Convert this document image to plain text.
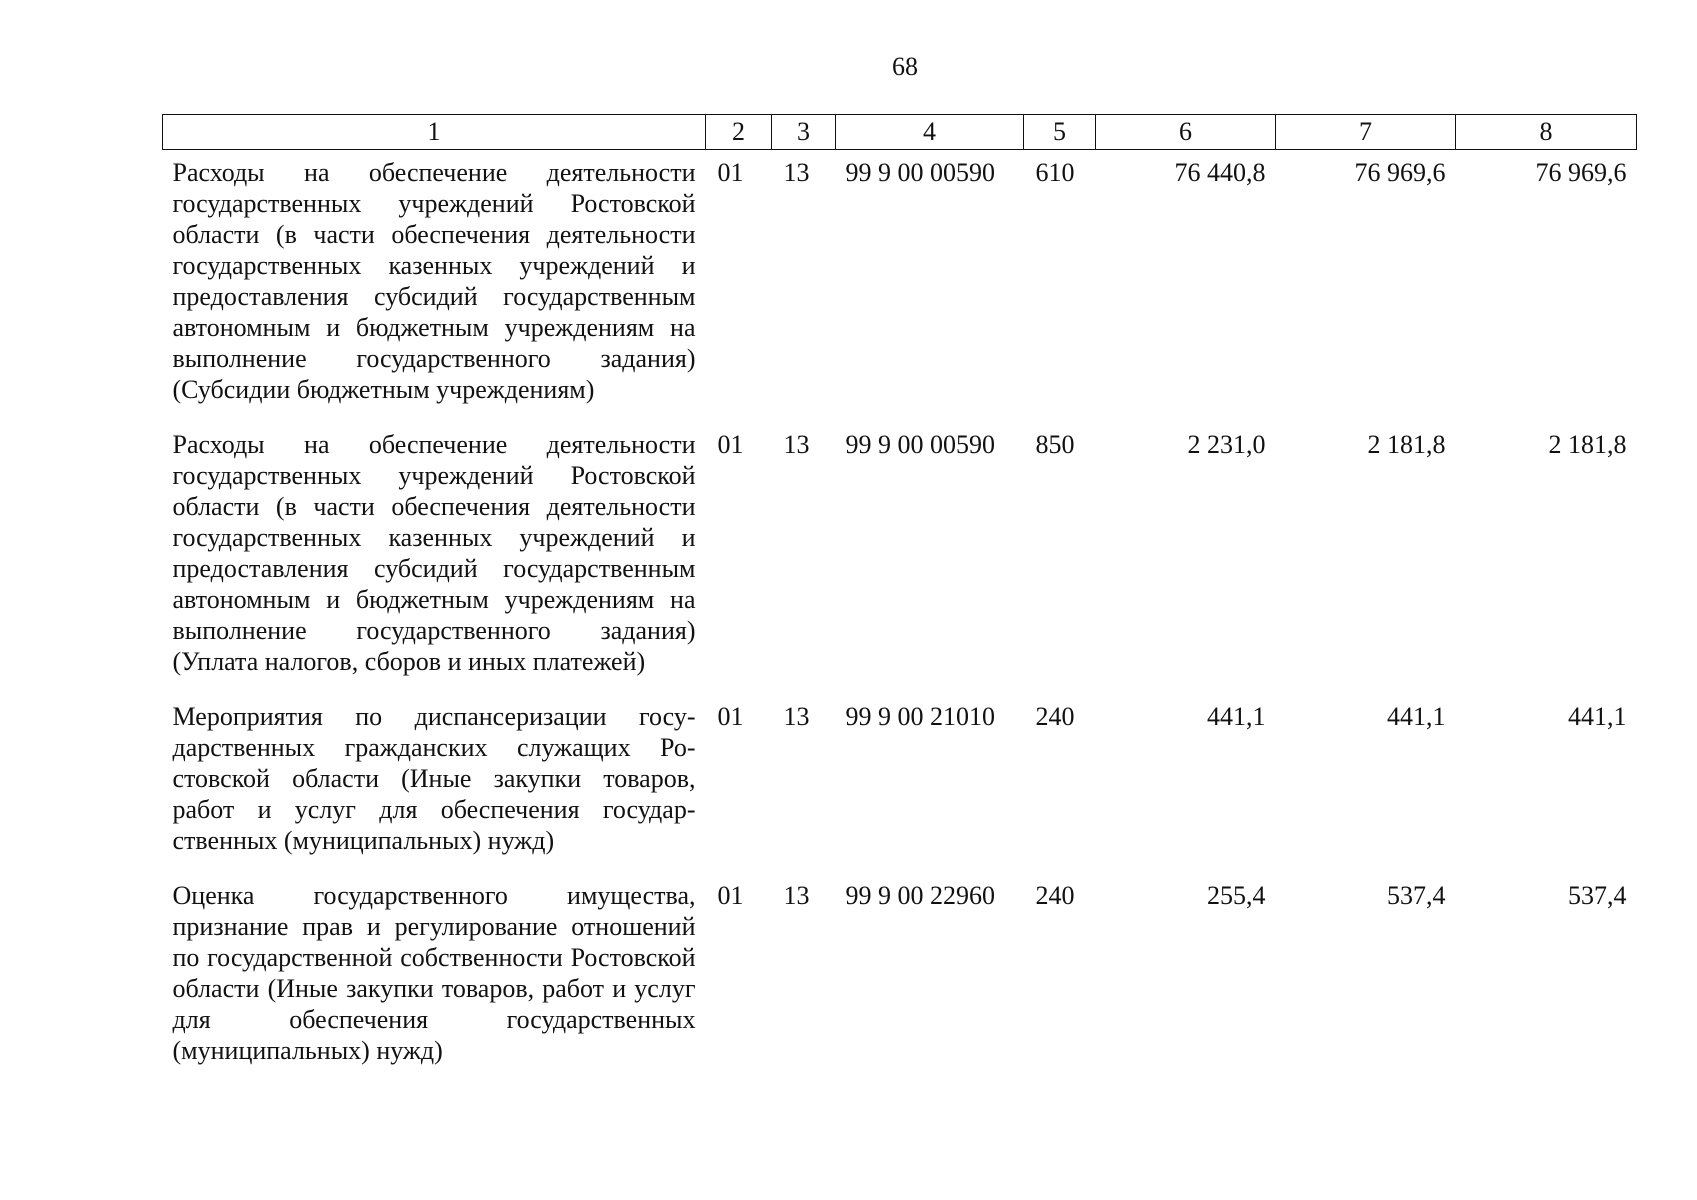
68
1	2	3	4	5	6	7	8
Расходы на обеспечение деятельности государственных учреждений Ростовской области (в части обеспечения деятельности государственных казенных учреждений и предоставления субсидий государственным автономным и бюджетным учреждениям на выполнение государственного задания) (Субсидии бюджетным учреждениям)	01	13	99 9 00 00590	610	76 440,8	76 969,6	76 969,6
Расходы на обеспечение деятельности государственных учреждений Ростовской области (в части обеспечения деятельности государственных казенных учреждений и предоставления субсидий государственным автономным и бюджетным учреждениям на выполнение государственного задания) (Уплата налогов, сборов и иных платежей)	01	13	99 9 00 00590	850	2 231,0	2 181,8	2 181,8
Мероприятия по диспансеризации государственных гражданских служащих Ростовской области (Иные закупки товаров, работ и услуг для обеспечения государственных (муниципальных) нужд)	01	13	99 9 00 21010	240	441,1	441,1	441,1
Оценка государственного имущества, признание прав и регулирование отношений по государственной собственности Ростовской области (Иные закупки товаров, работ и услуг для обеспечения государственных (муниципальных) нужд)	01	13	99 9 00 22960	240	255,4	537,4	537,4
